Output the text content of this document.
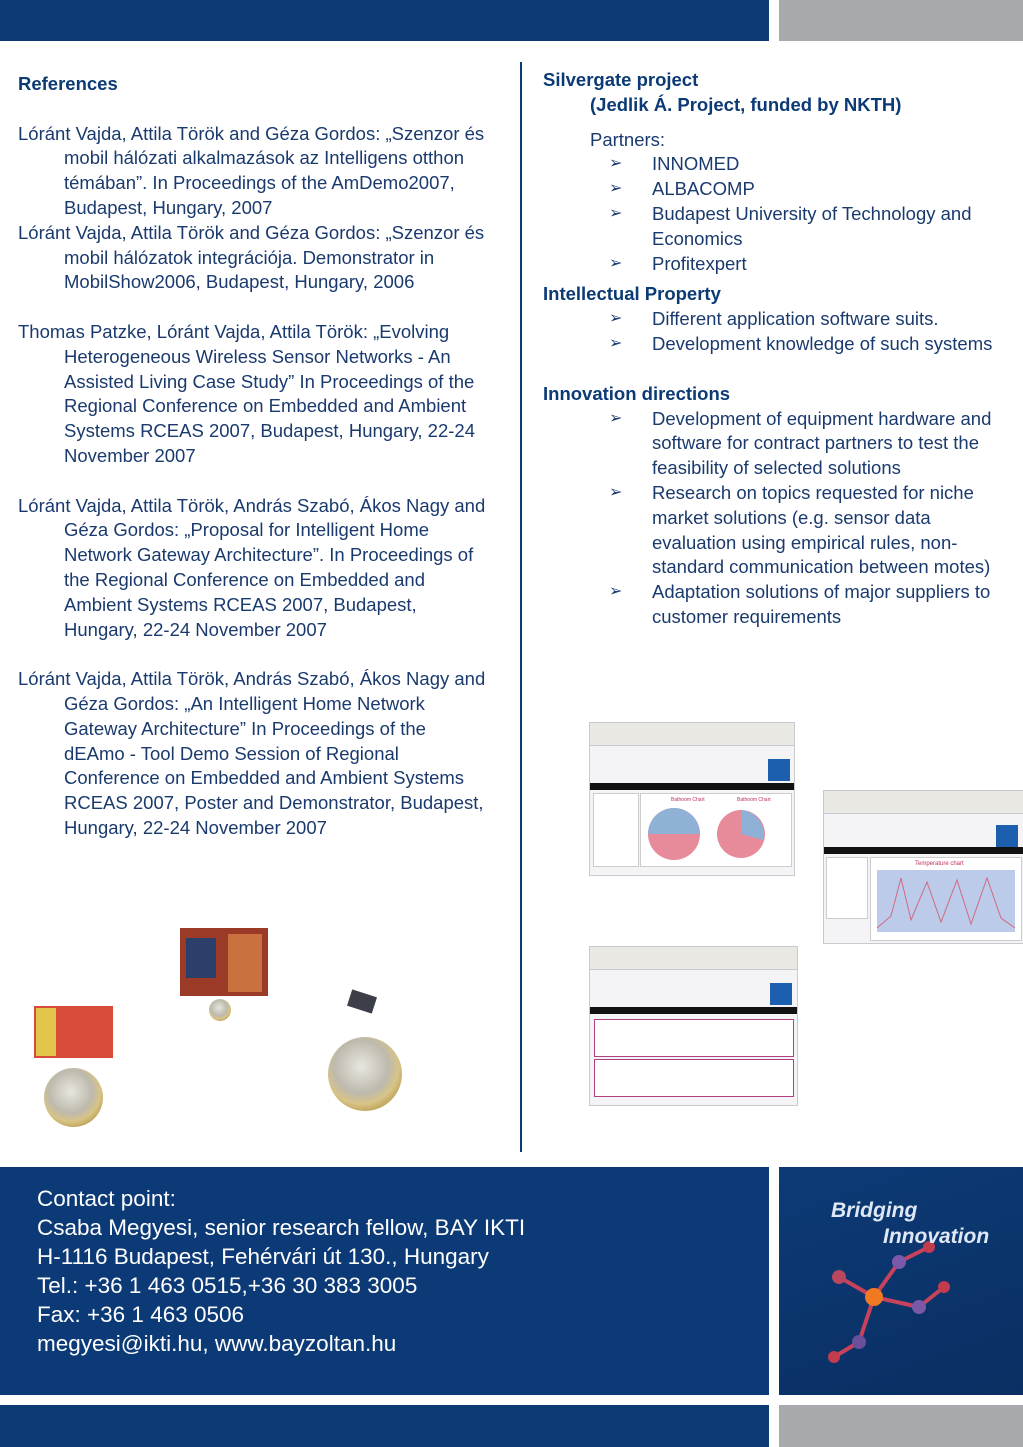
References

Lóránt Vajda, Attila Török and Géza Gordos: „Szenzor és mobil hálózati alkalmazások az Intelligens otthon témában”. In Proceedings of the AmDemo2007, Budapest, Hungary, 2007

Lóránt Vajda, Attila Török and Géza Gordos: „Szenzor és mobil hálózatok integrációja. Demonstrator in MobilShow2006, Budapest, Hungary, 2006

Thomas Patzke, Lóránt Vajda, Attila Török: „Evolving Heterogeneous Wireless Sensor Networks - An Assisted Living Case Study” In Proceedings of the Regional Conference on Embedded and Ambient Systems RCEAS 2007, Budapest, Hungary, 22-24 November 2007

Lóránt Vajda, Attila Török, András Szabó, Ákos Nagy and Géza Gordos: „Proposal for Intelligent Home Network Gateway Architecture”. In Proceedings of the Regional Conference on Embedded and Ambient Systems RCEAS 2007, Budapest, Hungary, 22-24 November 2007

Lóránt Vajda, Attila Török, András Szabó, Ákos Nagy and Géza Gordos: „An Intelligent Home Network Gateway Architecture” In Proceedings of the dEAmo - Tool Demo Session of Regional Conference on Embedded and Ambient Systems RCEAS 2007, Poster and Demonstrator, Budapest, Hungary, 22-24 November 2007

Silvergate project
(Jedlik Á. Project, funded by NKTH)
Partners:
➢ INNOMED
➢ ALBACOMP
➢ Budapest University of Technology and Economics
➢ Profitexpert
Intellectual Property
➢ Different application software suits.
➢ Development knowledge of such systems
Innovation directions
➢ Development of equipment hardware and software for contract partners to test the feasibility of selected solutions
➢ Research on topics requested for niche market solutions (e.g. sensor data evaluation using empirical rules, non-standard communication between motes)
➢ Adaptation solutions of major suppliers to customer requirements
Bathoom Chart	Bathoom Chart
Temperature chart
Bridging
Innovation
Contact point:
Csaba Megyesi, senior research fellow, BAY IKTI
H-1116 Budapest, Fehérvári út 130., Hungary
Tel.: +36 1 463 0515,+36 30 383 3005
Fax: +36 1 463 0506
megyesi@ikti.hu, www.bayzoltan.hu
